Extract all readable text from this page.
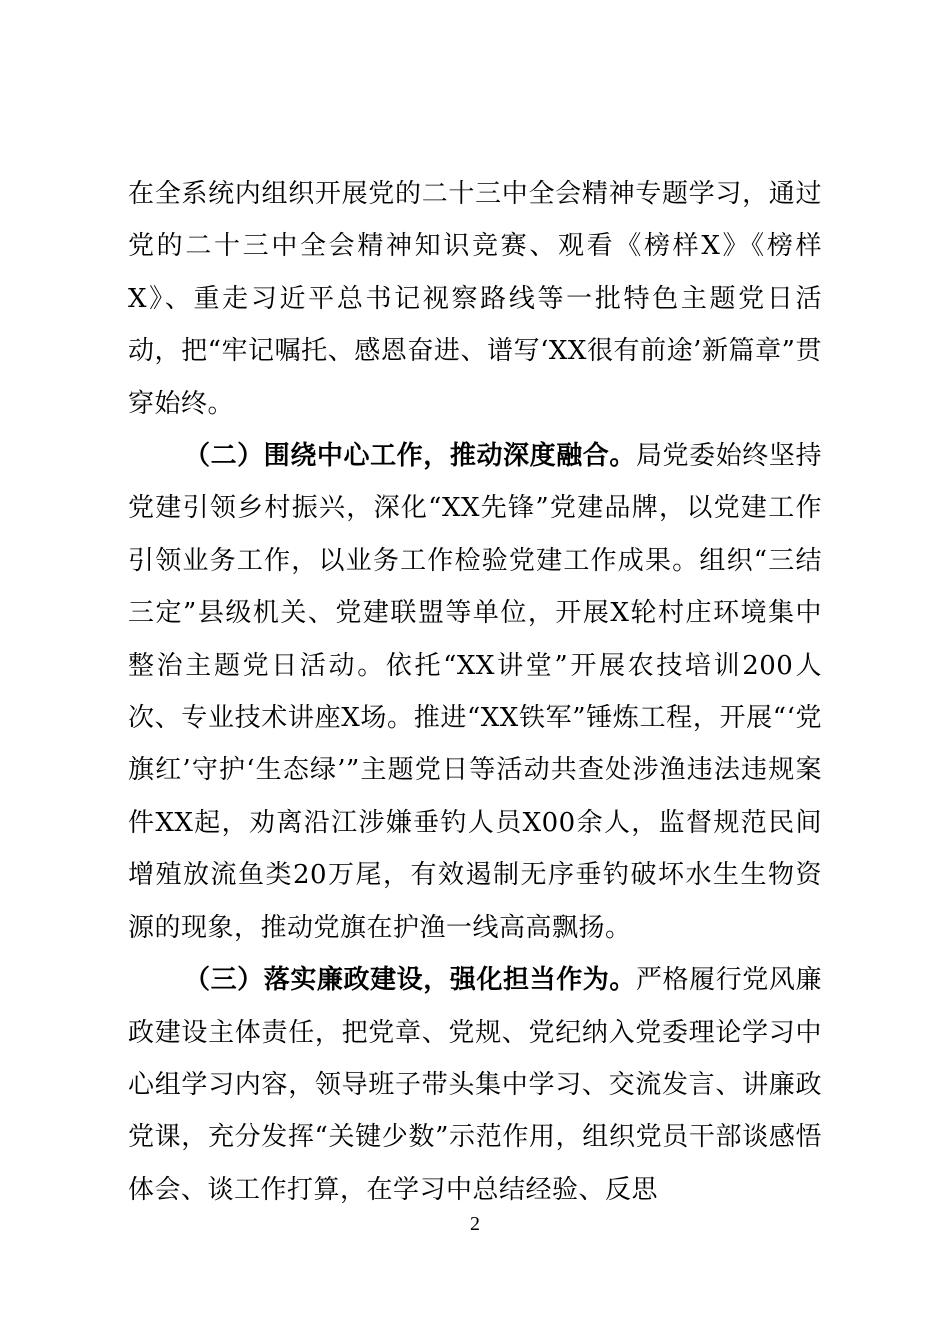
在全系统内组织开展党的二十三中全会精神专题学习，通过党的二十三中全会精神知识竞赛、观看《榜样X》《榜样X》、重走习近平总书记视察路线等一批特色主题党日活动，把“牢记嘱托、感恩奋进、谱写‘XX很有前途’新篇章”贯穿始终。

（二）围绕中心工作，推动深度融合。局党委始终坚持党建引领乡村振兴，深化“XX先锋”党建品牌，以党建工作引领业务工作，以业务工作检验党建工作成果。组织“三结三定”县级机关、党建联盟等单位，开展X轮村庄环境集中整治主题党日活动。依托“XX讲堂”开展农技培训200人次、专业技术讲座X场。推进“XX铁军”锤炼工程，开展“‘党旗红’守护‘生态绿’”主题党日等活动共查处涉渔违法违规案件XX起，劝离沿江涉嫌垂钓人员X00余人，监督规范民间增殖放流鱼类20万尾，有效遏制无序垂钓破坏水生生物资源的现象，推动党旗在护渔一线高高飘扬。

（三）落实廉政建设，强化担当作为。严格履行党风廉政建设主体责任，把党章、党规、党纪纳入党委理论学习中心组学习内容，领导班子带头集中学习、交流发言、讲廉政党课，充分发挥“关键少数”示范作用，组织党员干部谈感悟体会、谈工作打算，在学习中总结经验、反思

2
